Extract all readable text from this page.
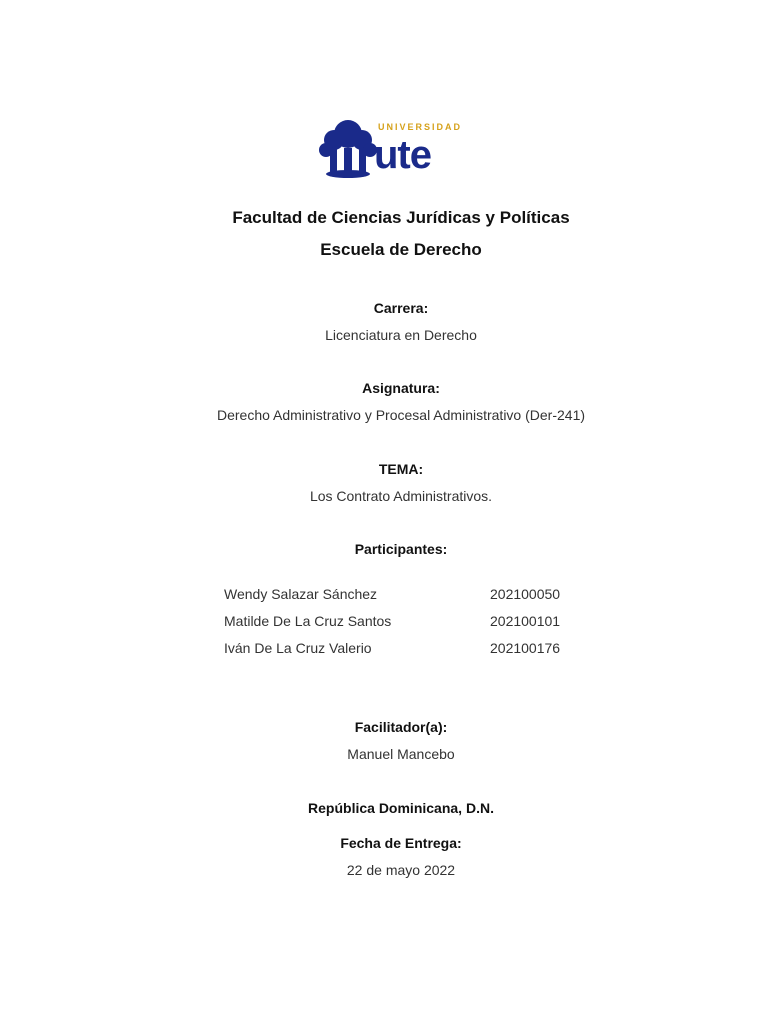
UNIVERSIDAD
ute
Facultad de Ciencias Jurídicas y Políticas
Escuela de Derecho
Carrera:
Licenciatura en Derecho
Asignatura:
Derecho Administrativo y Procesal Administrativo (Der-241)
TEMA:
Los Contrato Administrativos.
Participantes:
Wendy Salazar Sánchez	202100050
Matilde De La Cruz Santos	202100101
Iván De La Cruz Valerio	202100176
Facilitador(a):
Manuel Mancebo
República Dominicana, D.N.
Fecha de Entrega:
22 de mayo 2022
